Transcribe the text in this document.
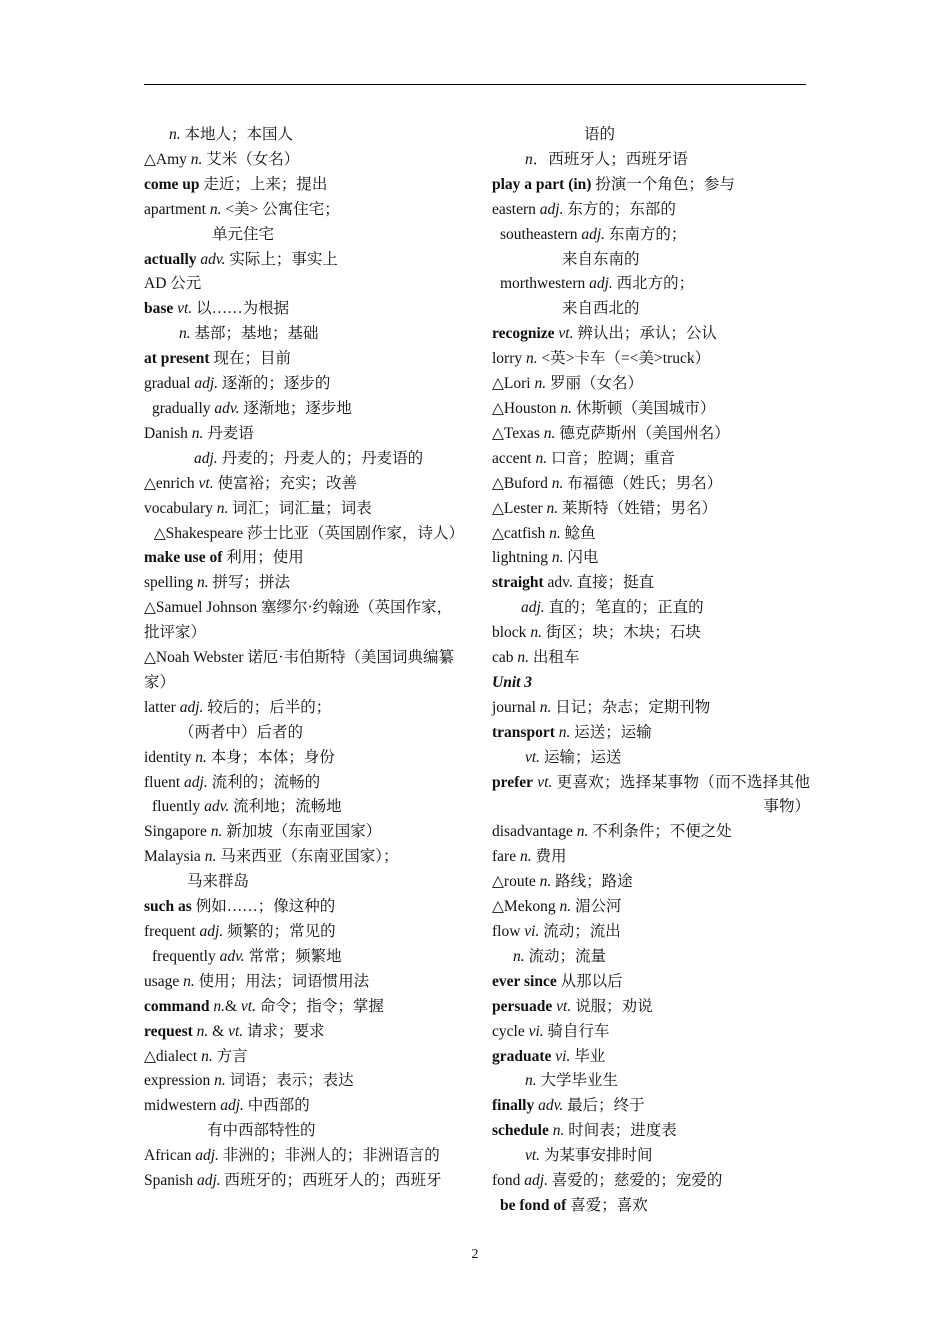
n. 本地人；本国人
△Amy n. 艾米（女名）
come up 走近；上来；提出
apartment n. <美> 公寓住宅；
单元住宅
actually adv. 实际上；事实上
AD 公元
base vt. 以……为根据
n. 基部；基地；基础
at present 现在；目前
gradual adj. 逐渐的；逐步的
gradually adv. 逐渐地；逐步地
Danish n. 丹麦语
adj. 丹麦的；丹麦人的；丹麦语的
△enrich vt. 使富裕；充实；改善
vocabulary n. 词汇；词汇量；词表
△Shakespeare 莎士比亚（英国剧作家，诗人）
make use of 利用；使用
spelling n. 拼写；拼法
△Samuel Johnson 塞缪尔·约翰逊（英国作家，批评家）
△Noah Webster 诺厄·韦伯斯特（美国词典编纂家）
latter adj. 较后的；后半的；
（两者中）后者的
identity n. 本身；本体；身份
fluent adj. 流利的；流畅的
fluently adv. 流利地；流畅地
Singapore n. 新加坡（东南亚国家）
Malaysia n. 马来西亚（东南亚国家）；
马来群岛
such as 例如……；像这种的
frequent adj. 频繁的；常见的
frequently adv. 常常；频繁地
usage n. 使用；用法；词语惯用法
command n.& vt. 命令；指令；掌握
request n. & vt. 请求；要求
△dialect n. 方言
expression n. 词语；表示；表达
midwestern adj. 中西部的
有中西部特性的
African adj. 非洲的；非洲人的；非洲语言的
Spanish adj. 西班牙的；西班牙人的；西班牙
语的
n．西班牙人；西班牙语
play a part (in) 扮演一个角色；参与
eastern adj. 东方的；东部的
southeastern adj. 东南方的；
来自东南的
morthwestern adj. 西北方的；
来自西北的
recognize vt. 辨认出；承认；公认
lorry n. <英>卡车（=<美>truck）
△Lori n. 罗丽（女名）
△Houston n. 休斯顿（美国城市）
△Texas n. 德克萨斯州（美国州名）
accent n. 口音；腔调；重音
△Buford n. 布福德（姓氏；男名）
△Lester n. 莱斯特（姓错；男名）
△catfish n. 鲶鱼
lightning n. 闪电
straight adv. 直接；挺直
adj. 直的；笔直的；正直的
block n. 街区；块；木块；石块
cab n. 出租车
Unit 3
journal n. 日记；杂志；定期刊物
transport n. 运送；运输
vt. 运输；运送
prefer vt. 更喜欢；选择某事物（而不选择其他事物）
disadvantage n. 不利条件；不便之处
fare n. 费用
△route n. 路线；路途
△Mekong n. 湄公河
flow vi. 流动；流出
n. 流动；流量
ever since 从那以后
persuade vt. 说服；劝说
cycle vi. 骑自行车
graduate vi. 毕业
n. 大学毕业生
finally adv. 最后；终于
schedule n. 时间表；进度表
vt. 为某事安排时间
fond adj. 喜爱的；慈爱的；宠爱的
be fond of 喜爱；喜欢
2
